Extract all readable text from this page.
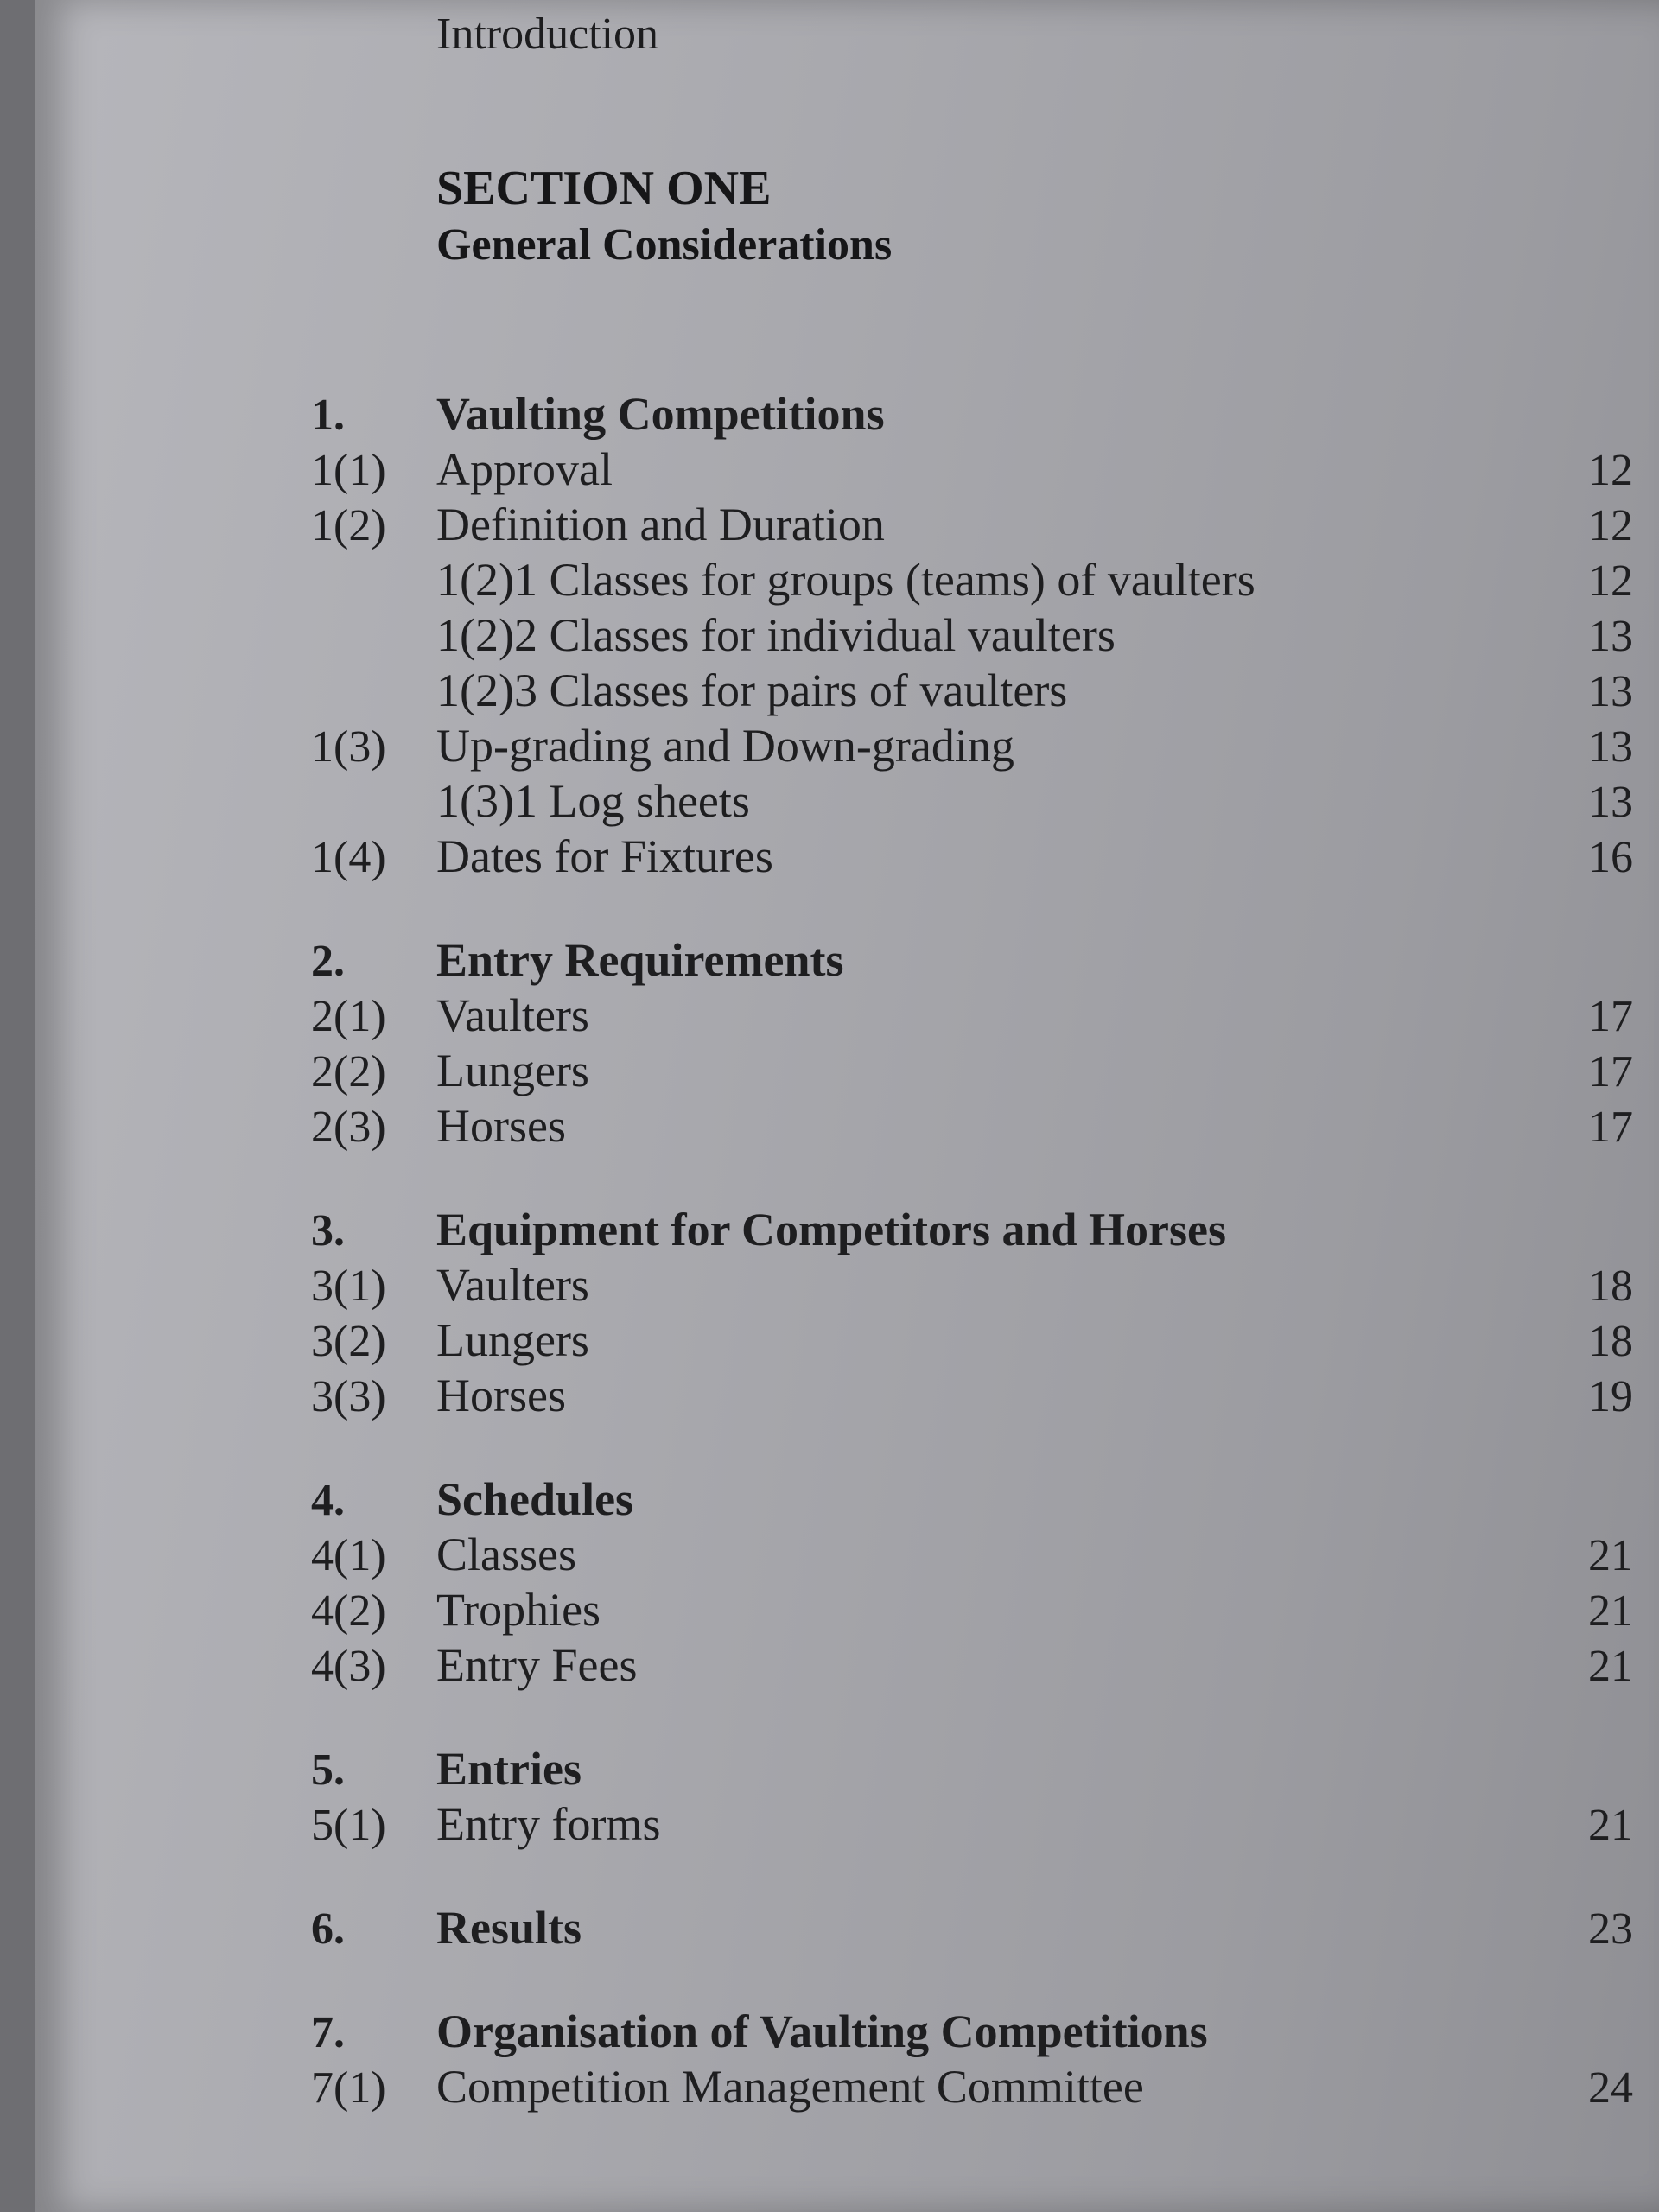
Introduction
SECTION ONE
General Considerations
1.	Vaulting Competitions
1(1)	Approval	12
1(2)	Definition and Duration	12
1(2)1 Classes for groups (teams) of vaulters	12
1(2)2 Classes for individual vaulters	13
1(2)3 Classes for pairs of vaulters	13
1(3)	Up-grading and Down-grading	13
1(3)1 Log sheets	13
1(4)	Dates for Fixtures	16
2.	Entry Requirements
2(1)	Vaulters	17
2(2)	Lungers	17
2(3)	Horses	17
3.	Equipment for Competitors and Horses
3(1)	Vaulters	18
3(2)	Lungers	18
3(3)	Horses	19
4.	Schedules
4(1)	Classes	21
4(2)	Trophies	21
4(3)	Entry Fees	21
5.	Entries
5(1)	Entry forms	21
6.	Results	23
7.	Organisation of Vaulting Competitions
7(1)	Competition Management Committee	24
